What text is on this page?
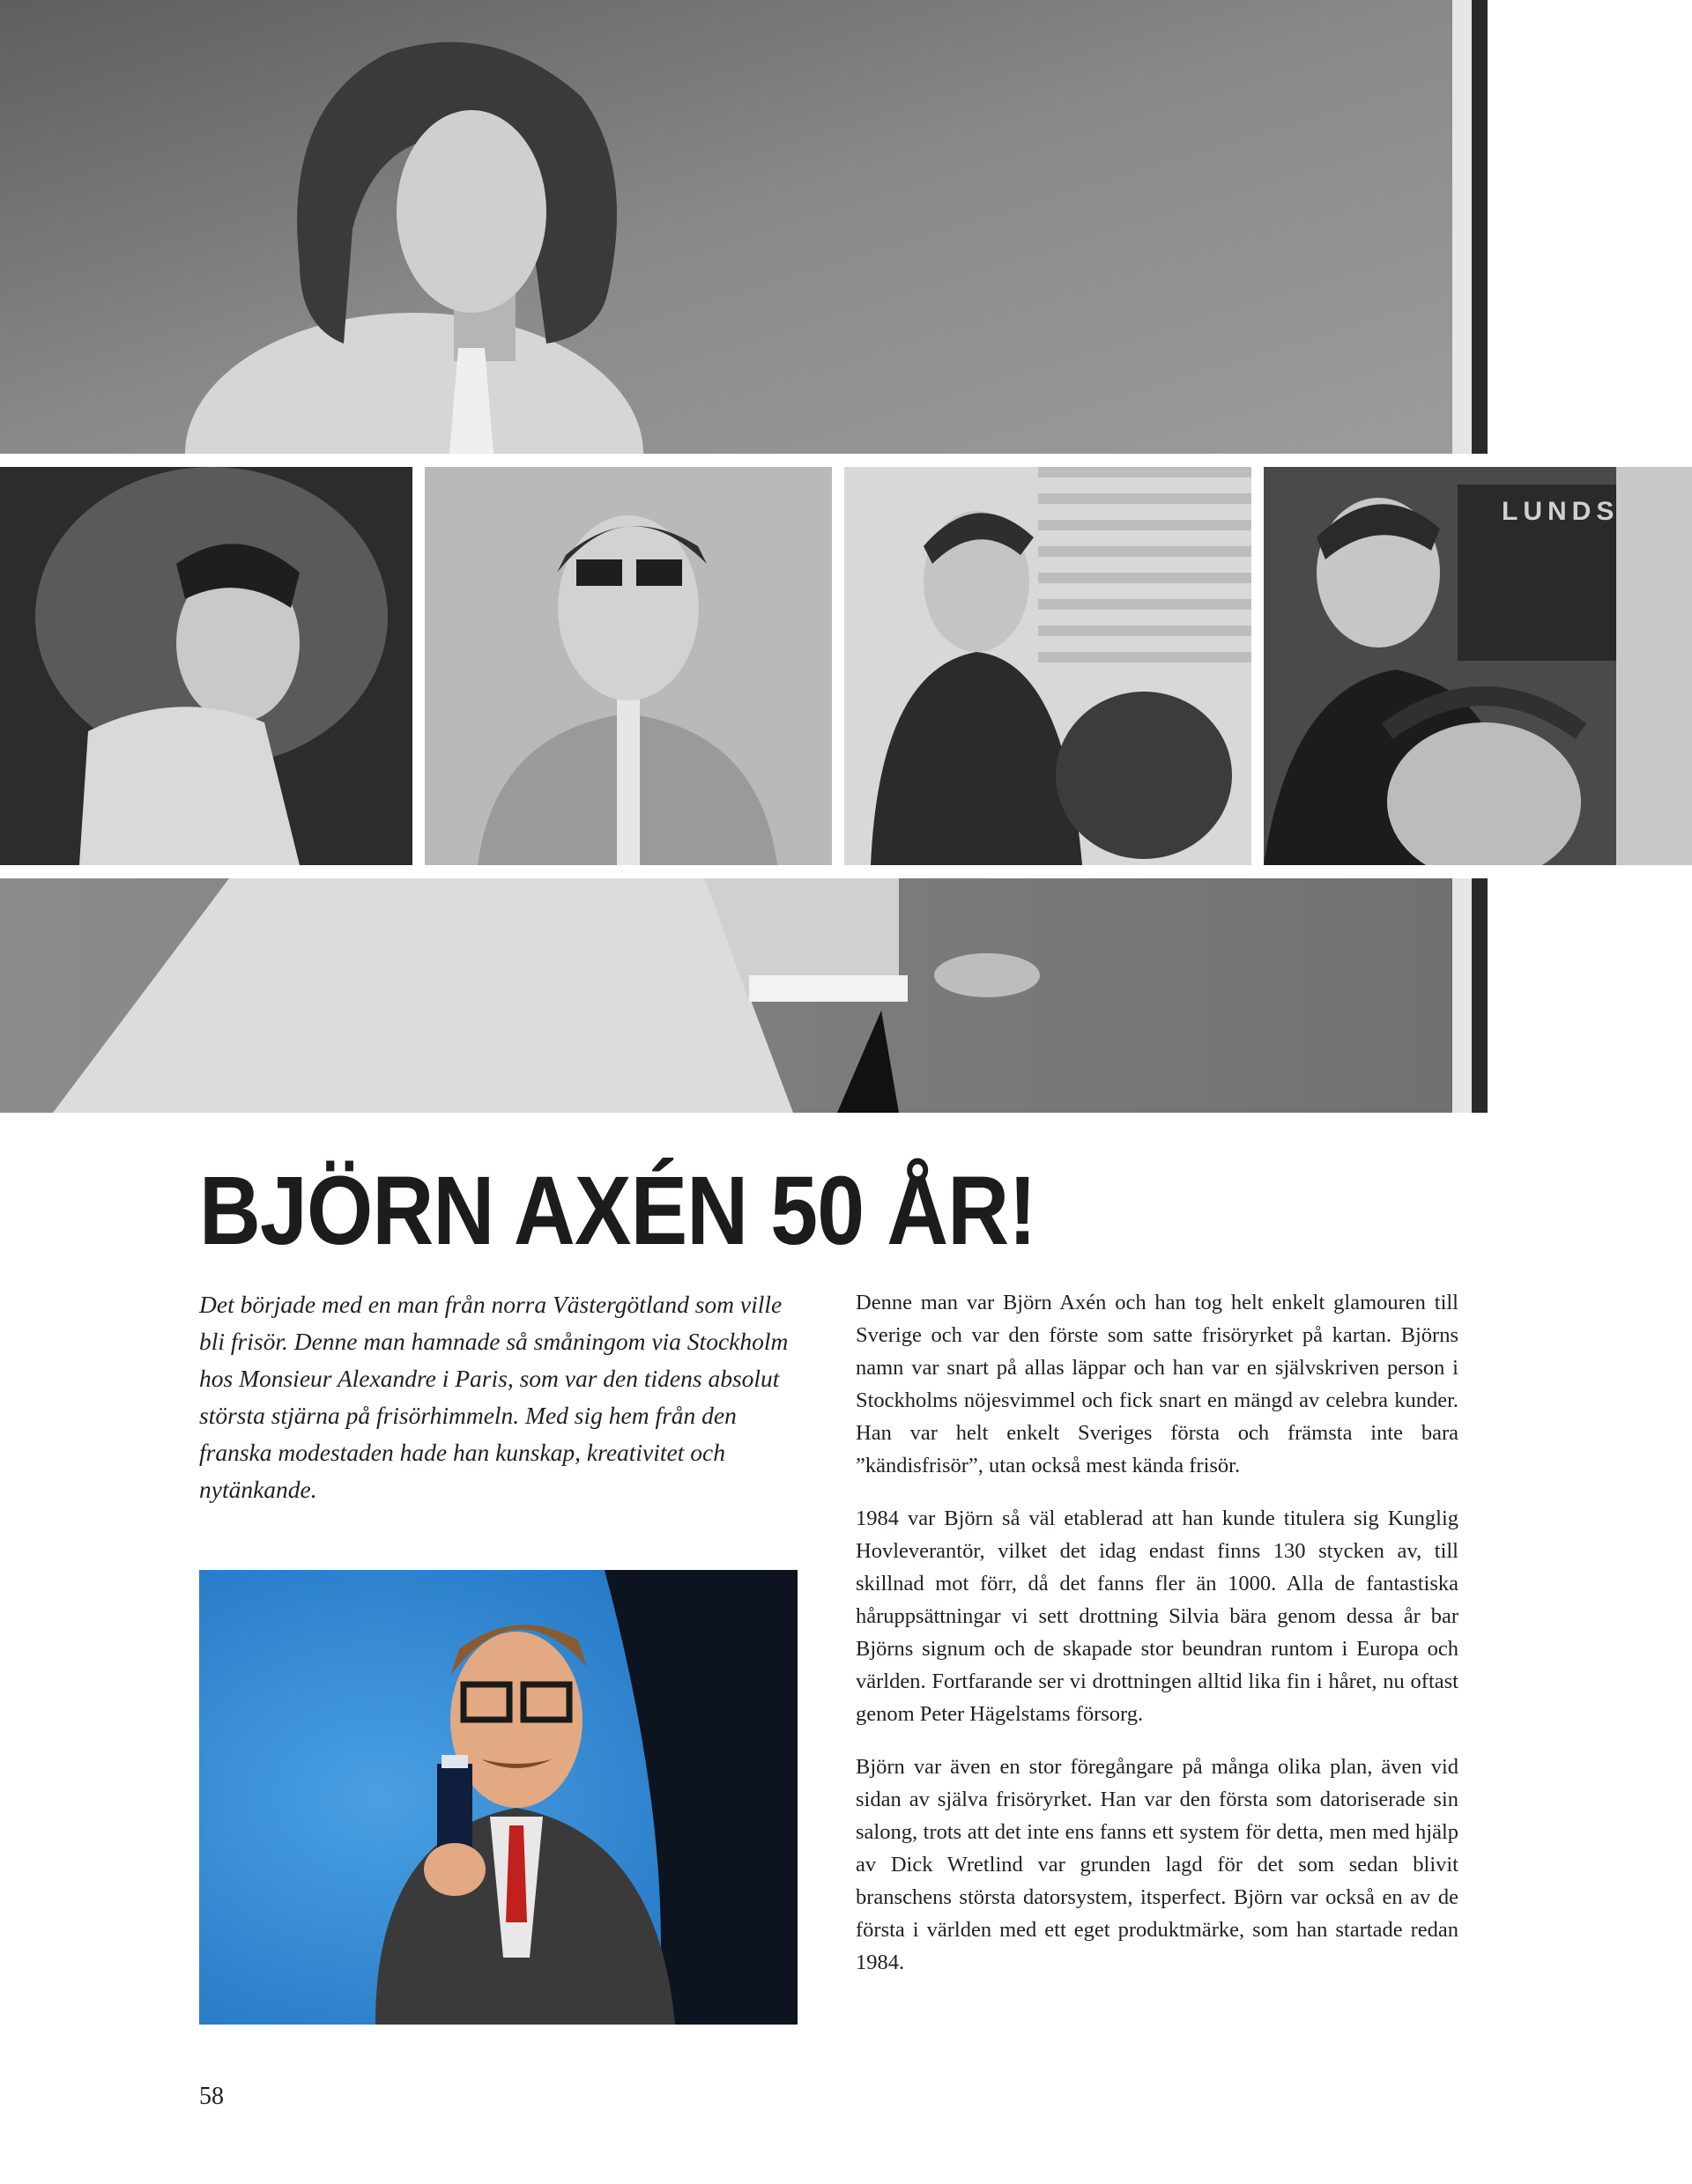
LUNDS
BJÖRN AXÉN 50 ÅR!

Det började med en man från norra Västergötland som ville bli frisör. Denne man hamnade så småningom via Stockholm hos Monsieur Alexandre i Paris, som var den tidens absolut största stjärna på frisörhimmeln. Med sig hem från den franska modestaden hade han kunskap, kreativitet och nytänkande.

Denne man var Björn Axén och han tog helt enkelt glamouren till Sverige och var den förste som satte frisöryrket på kartan. Björns namn var snart på allas läppar och han var en självskriven person i Stockholms nöjesvimmel och fick snart en mängd av celebra kunder. Han var helt enkelt Sveriges första och främsta inte bara ”kändisfrisör”, utan också mest kända frisör.

1984 var Björn så väl etablerad att han kunde titulera sig Kunglig Hovleverantör, vilket det idag endast finns 130 stycken av, till skillnad mot förr, då det fanns fler än 1000. Alla de fantastiska håruppsättningar vi sett drottning Silvia bära genom dessa år bar Björns signum och de skapade stor beundran runtom i Europa och världen. Fortfarande ser vi drottningen alltid lika fin i håret, nu oftast genom Peter Hägelstams försorg.

Björn var även en stor föregångare på många olika plan, även vid sidan av själva frisöryrket. Han var den första som datoriserade sin salong, trots att det inte ens fanns ett system för detta, men med hjälp av Dick Wretlind var grunden lagd för det som sedan blivit branschens största datorsystem, itsperfect. Björn var också en av de första i världen med ett eget produktmärke, som han startade redan 1984.

58
